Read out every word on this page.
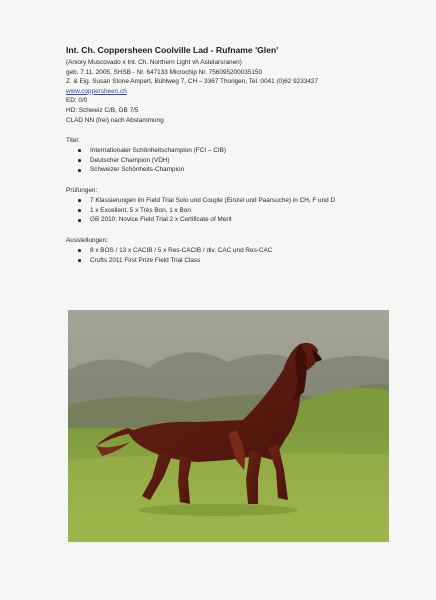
Int. Ch. Coppersheen Coolville Lad - Rufname 'Glen'
(Aniory Muscovado x Int. Ch. Northern Light vh Astelarsranen)
geb. 7.11. 2005, SHSB - Nr. 647133 Microchip Nr. 756095200035150
Z. & Eig. Susan Stone Ampert, Bühlweg 7, CH – 3367 Thorigen, Tel. 0041 (0)62 9233427
www.coppersheen.ch
ED: 0/0
HD: Schweiz C/B, GB 7/5
CLAD NN (frei) nach Abstammung
Titel:
Internationaler Schönheitschampion (FCI – CIB)
Deutscher Champion (VDH)
Schweizer Schönheits-Champion
Prüfungen:
7 Klassierungen im Field Trial Solo und Couple (Einzel und Paarsuche) in CH, F und D
1 x Excellent, 5 x Très Bon, 1 x Bon
GB 2010: Novice Field Trial 2 x Certificate of Merit
Ausstellungen:
8 x BOS / 13 x CACIB / 5 x Res-CACIB / div. CAC und Res-CAC
Crufts 2011 First Prize Field Trial Class
